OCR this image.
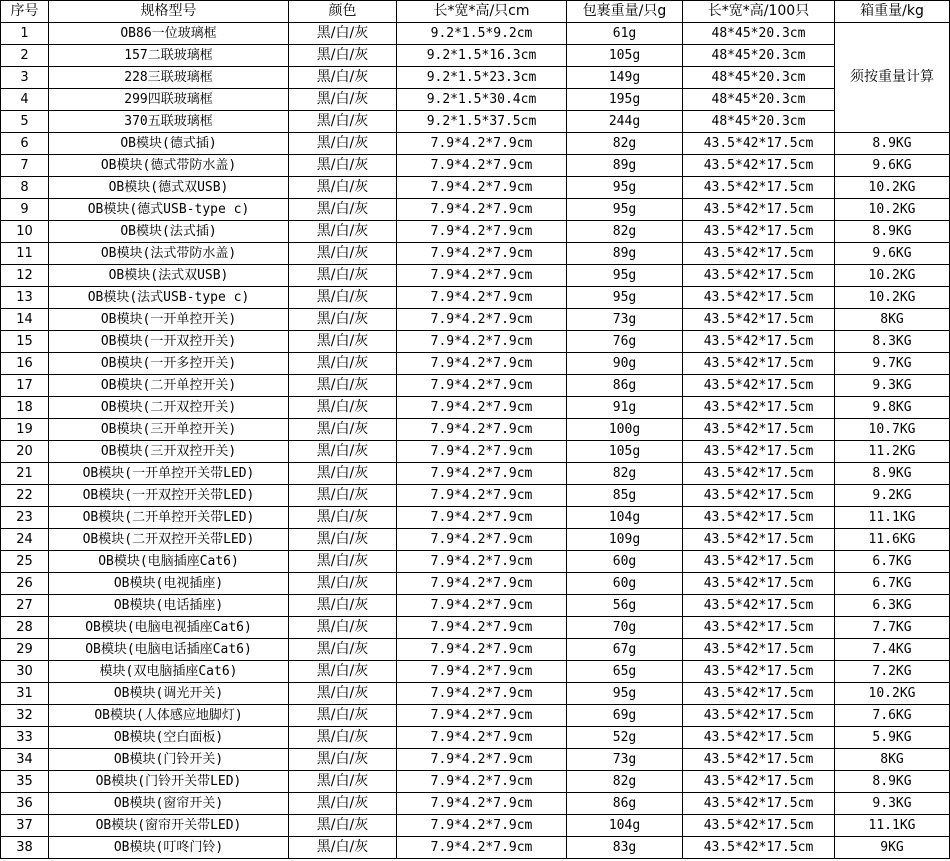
序号	规格型号	颜色	长*宽*高/只cm	包裹重量/只g	长*宽*高/100只	箱重量/kg
1	OB86一位玻璃框	黑/白/灰	9.2*1.5*9.2cm	61g	48*45*20.3cm	须按重量计算
2	157二联玻璃框	黑/白/灰	9.2*1.5*16.3cm	105g	48*45*20.3cm	
3	228三联玻璃框	黑/白/灰	9.2*1.5*23.3cm	149g	48*45*20.3cm	
4	299四联玻璃框	黑/白/灰	9.2*1.5*30.4cm	195g	48*45*20.3cm	
5	370五联玻璃框	黑/白/灰	9.2*1.5*37.5cm	244g	48*45*20.3cm	
6	OB模块(德式插)	黑/白/灰	7.9*4.2*7.9cm	82g	43.5*42*17.5cm	8.9KG
7	OB模块(德式带防水盖)	黑/白/灰	7.9*4.2*7.9cm	89g	43.5*42*17.5cm	9.6KG
8	OB模块(德式双USB)	黑/白/灰	7.9*4.2*7.9cm	95g	43.5*42*17.5cm	10.2KG
9	OB模块(德式USB-type c)	黑/白/灰	7.9*4.2*7.9cm	95g	43.5*42*17.5cm	10.2KG
10	OB模块(法式插)	黑/白/灰	7.9*4.2*7.9cm	82g	43.5*42*17.5cm	8.9KG
11	OB模块(法式带防水盖)	黑/白/灰	7.9*4.2*7.9cm	89g	43.5*42*17.5cm	9.6KG
12	OB模块(法式双USB)	黑/白/灰	7.9*4.2*7.9cm	95g	43.5*42*17.5cm	10.2KG
13	OB模块(法式USB-type c)	黑/白/灰	7.9*4.2*7.9cm	95g	43.5*42*17.5cm	10.2KG
14	OB模块(一开单控开关)	黑/白/灰	7.9*4.2*7.9cm	73g	43.5*42*17.5cm	8KG
15	OB模块(一开双控开关)	黑/白/灰	7.9*4.2*7.9cm	76g	43.5*42*17.5cm	8.3KG
16	OB模块(一开多控开关)	黑/白/灰	7.9*4.2*7.9cm	90g	43.5*42*17.5cm	9.7KG
17	OB模块(二开单控开关)	黑/白/灰	7.9*4.2*7.9cm	86g	43.5*42*17.5cm	9.3KG
18	OB模块(二开双控开关)	黑/白/灰	7.9*4.2*7.9cm	91g	43.5*42*17.5cm	9.8KG
19	OB模块(三开单控开关)	黑/白/灰	7.9*4.2*7.9cm	100g	43.5*42*17.5cm	10.7KG
20	OB模块(三开双控开关)	黑/白/灰	7.9*4.2*7.9cm	105g	43.5*42*17.5cm	11.2KG
21	OB模块(一开单控开关带LED)	黑/白/灰	7.9*4.2*7.9cm	82g	43.5*42*17.5cm	8.9KG
22	OB模块(一开双控开关带LED)	黑/白/灰	7.9*4.2*7.9cm	85g	43.5*42*17.5cm	9.2KG
23	OB模块(二开单控开关带LED)	黑/白/灰	7.9*4.2*7.9cm	104g	43.5*42*17.5cm	11.1KG
24	OB模块(二开双控开关带LED)	黑/白/灰	7.9*4.2*7.9cm	109g	43.5*42*17.5cm	11.6KG
25	OB模块(电脑插座Cat6)	黑/白/灰	7.9*4.2*7.9cm	60g	43.5*42*17.5cm	6.7KG
26	OB模块(电视插座)	黑/白/灰	7.9*4.2*7.9cm	60g	43.5*42*17.5cm	6.7KG
27	OB模块(电话插座)	黑/白/灰	7.9*4.2*7.9cm	56g	43.5*42*17.5cm	6.3KG
28	OB模块(电脑电视插座Cat6)	黑/白/灰	7.9*4.2*7.9cm	70g	43.5*42*17.5cm	7.7KG
29	OB模块(电脑电话插座Cat6)	黑/白/灰	7.9*4.2*7.9cm	67g	43.5*42*17.5cm	7.4KG
30	模块(双电脑插座Cat6)	黑/白/灰	7.9*4.2*7.9cm	65g	43.5*42*17.5cm	7.2KG
31	OB模块(调光开关)	黑/白/灰	7.9*4.2*7.9cm	95g	43.5*42*17.5cm	10.2KG
32	OB模块(人体感应地脚灯)	黑/白/灰	7.9*4.2*7.9cm	69g	43.5*42*17.5cm	7.6KG
33	OB模块(空白面板)	黑/白/灰	7.9*4.2*7.9cm	52g	43.5*42*17.5cm	5.9KG
34	OB模块(门铃开关)	黑/白/灰	7.9*4.2*7.9cm	73g	43.5*42*17.5cm	8KG
35	OB模块(门铃开关带LED)	黑/白/灰	7.9*4.2*7.9cm	82g	43.5*42*17.5cm	8.9KG
36	OB模块(窗帘开关)	黑/白/灰	7.9*4.2*7.9cm	86g	43.5*42*17.5cm	9.3KG
37	OB模块(窗帘开关带LED)	黑/白/灰	7.9*4.2*7.9cm	104g	43.5*42*17.5cm	11.1KG
38	OB模块(叮咚门铃)	黑/白/灰	7.9*4.2*7.9cm	83g	43.5*42*17.5cm	9KG
